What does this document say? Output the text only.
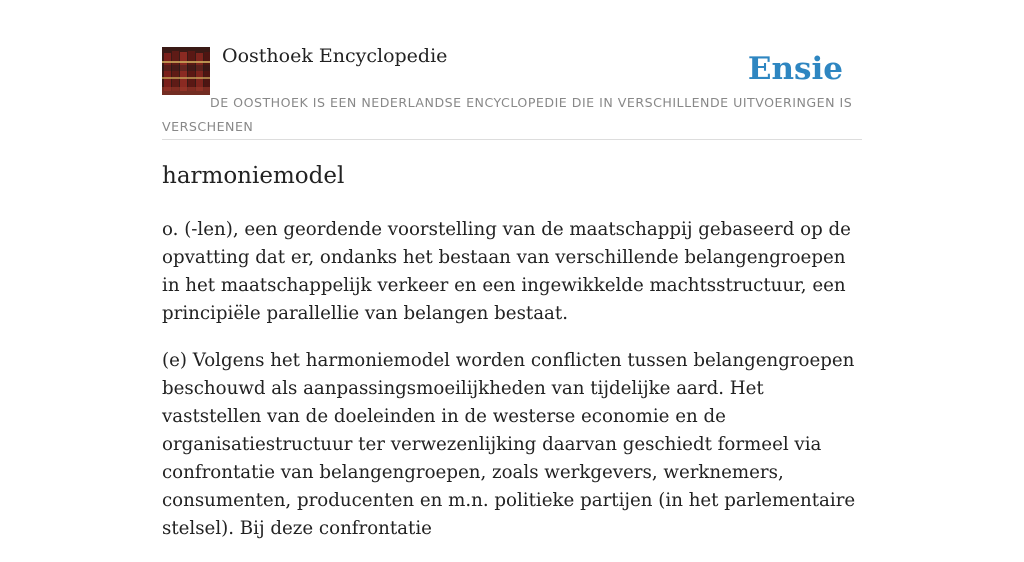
Oosthoek Encyclopedie	Ensie
DE OOSTHOEK IS EEN NEDERLANDSE ENCYCLOPEDIE DIE IN VERSCHILLENDE UITVOERINGEN IS VERSCHENEN
harmoniemodel

o. (-len), een geordende voorstelling van de maatschappij gebaseerd op de opvatting dat er, ondanks het bestaan van verschillende belangengroepen in het maatschappelijk verkeer en een ingewikkelde machtsstructuur, een principiële parallellie van belangen bestaat.

(e) Volgens het harmoniemodel worden conflicten tussen belangengroepen beschouwd als aanpassingsmoeilijkheden van tijdelijke aard. Het vaststellen van de doeleinden in de westerse economie en de organisatiestructuur ter verwezenlijking daarvan geschiedt formeel via confrontatie van belangengroepen, zoals werkgevers, werknemers, consumenten, producenten en m.n. politieke partijen (in het parlementaire stelsel). Bij deze confrontatie
